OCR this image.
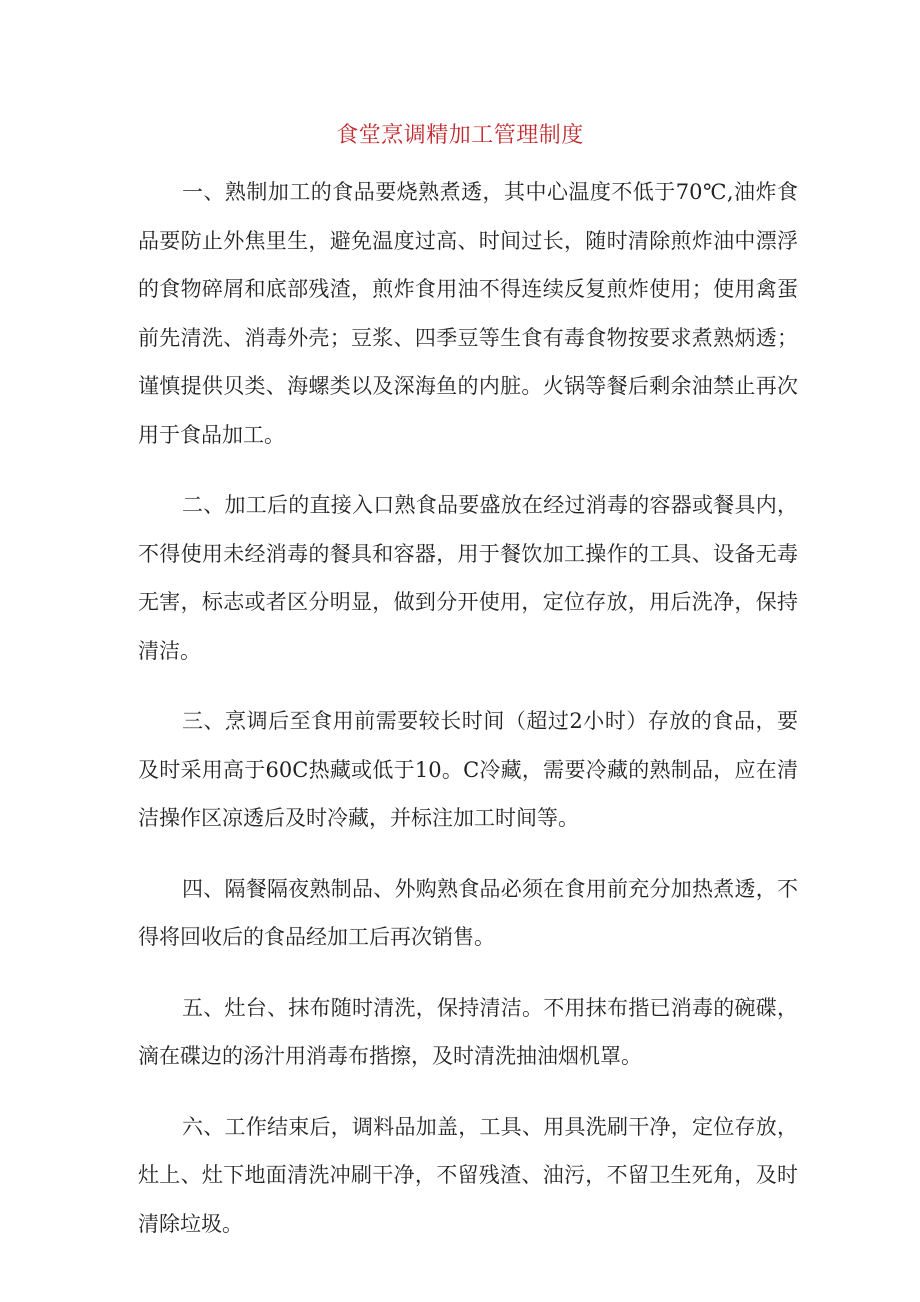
食堂烹调精加工管理制度

一、熟制加工的食品要烧熟煮透，其中心温度不低于70℃,油炸食品要防止外焦里生，避免温度过高、时间过长，随时清除煎炸油中漂浮的食物碎屑和底部残渣，煎炸食用油不得连续反复煎炸使用；使用禽蛋前先清洗、消毒外壳；豆浆、四季豆等生食有毒食物按要求煮熟炳透；谨慎提供贝类、海螺类以及深海鱼的内脏。火锅等餐后剩余油禁止再次用于食品加工。

二、加工后的直接入口熟食品要盛放在经过消毒的容器或餐具内，不得使用未经消毒的餐具和容器，用于餐饮加工操作的工具、设备无毒无害，标志或者区分明显，做到分开使用，定位存放，用后洗净，保持清洁。

三、烹调后至食用前需要较长时间（超过2小时）存放的食品，要及时采用高于60C热藏或低于10。C冷藏，需要冷藏的熟制品，应在清洁操作区凉透后及时冷藏，并标注加工时间等。

四、隔餐隔夜熟制品、外购熟食品必须在食用前充分加热煮透，不得将回收后的食品经加工后再次销售。

五、灶台、抹布随时清洗，保持清洁。不用抹布揩已消毒的碗碟，滴在碟边的汤汁用消毒布揩擦，及时清洗抽油烟机罩。

六、工作结束后，调料品加盖，工具、用具洗刷干净，定位存放，灶上、灶下地面清洗冲刷干净，不留残渣、油污，不留卫生死角，及时清除垃圾。
